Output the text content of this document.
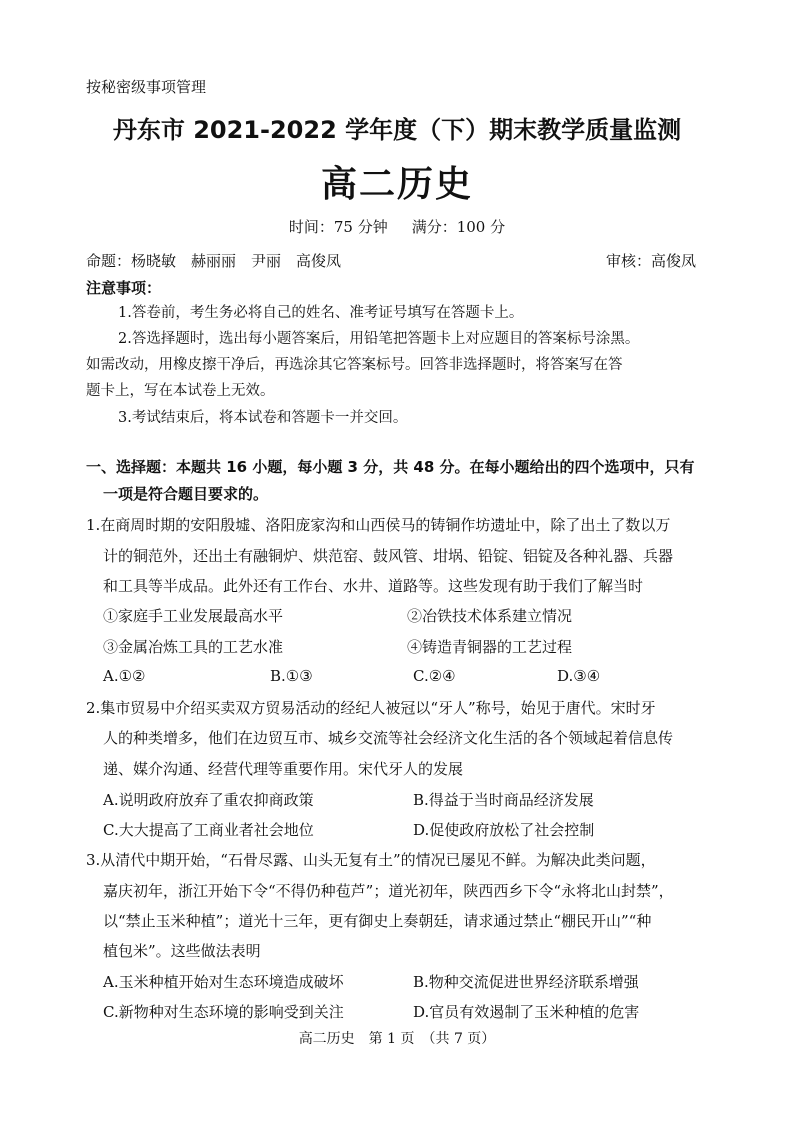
按秘密级事项管理
丹东市 2021-2022 学年度（下）期末教学质量监测
高二历史
时间：75 分钟 满分：100 分
命题：杨晓敏　赫丽丽　尹丽　高俊凤	审核：高俊凤
注意事项：
1.答卷前，考生务必将自己的姓名、准考证号填写在答题卡上。
2.答选择题时，选出每小题答案后，用铅笔把答题卡上对应题目的答案标号涂黑。
如需改动，用橡皮擦干净后，再选涂其它答案标号。回答非选择题时，将答案写在答
题卡上，写在本试卷上无效。
3.考试结束后，将本试卷和答题卡一并交回。
一、选择题：本题共 16 小题，每小题 3 分，共 48 分。在每小题给出的四个选项中，只有
一项是符合题目要求的。
1.在商周时期的安阳殷墟、洛阳庞家沟和山西侯马的铸铜作坊遗址中，除了出土了数以万
计的铜范外，还出土有融铜炉、烘范窑、鼓风管、坩埚、铅锭、铝锭及各种礼器、兵器
和工具等半成品。此外还有工作台、水井、道路等。这些发现有助于我们了解当时
①家庭手工业发展最高水平	②冶铁技术体系建立情况
③金属冶炼工具的工艺水准	④铸造青铜器的工艺过程
A.①②	B.①③	C.②④	D.③④
2.集市贸易中介绍买卖双方贸易活动的经纪人被冠以“牙人”称号，始见于唐代。宋时牙
人的种类增多，他们在边贸互市、城乡交流等社会经济文化生活的各个领域起着信息传
递、媒介沟通、经营代理等重要作用。宋代牙人的发展
A.说明政府放弃了重农抑商政策	B.得益于当时商品经济发展
C.大大提高了工商业者社会地位	D.促使政府放松了社会控制
3.从清代中期开始，“石骨尽露、山头无复有土”的情况已屡见不鲜。为解决此类问题，
嘉庆初年，浙江开始下令“不得仍种苞芦”；道光初年，陕西西乡下令“永将北山封禁”，
以“禁止玉米种植”；道光十三年，更有御史上奏朝廷，请求通过禁止“棚民开山”“种
植包米”。这些做法表明
A.玉米种植开始对生态环境造成破坏	B.物种交流促进世界经济联系增强
C.新物种对生态环境的影响受到关注	D.官员有效遏制了玉米种植的危害
高二历史　第 1 页　（共 7 页）
